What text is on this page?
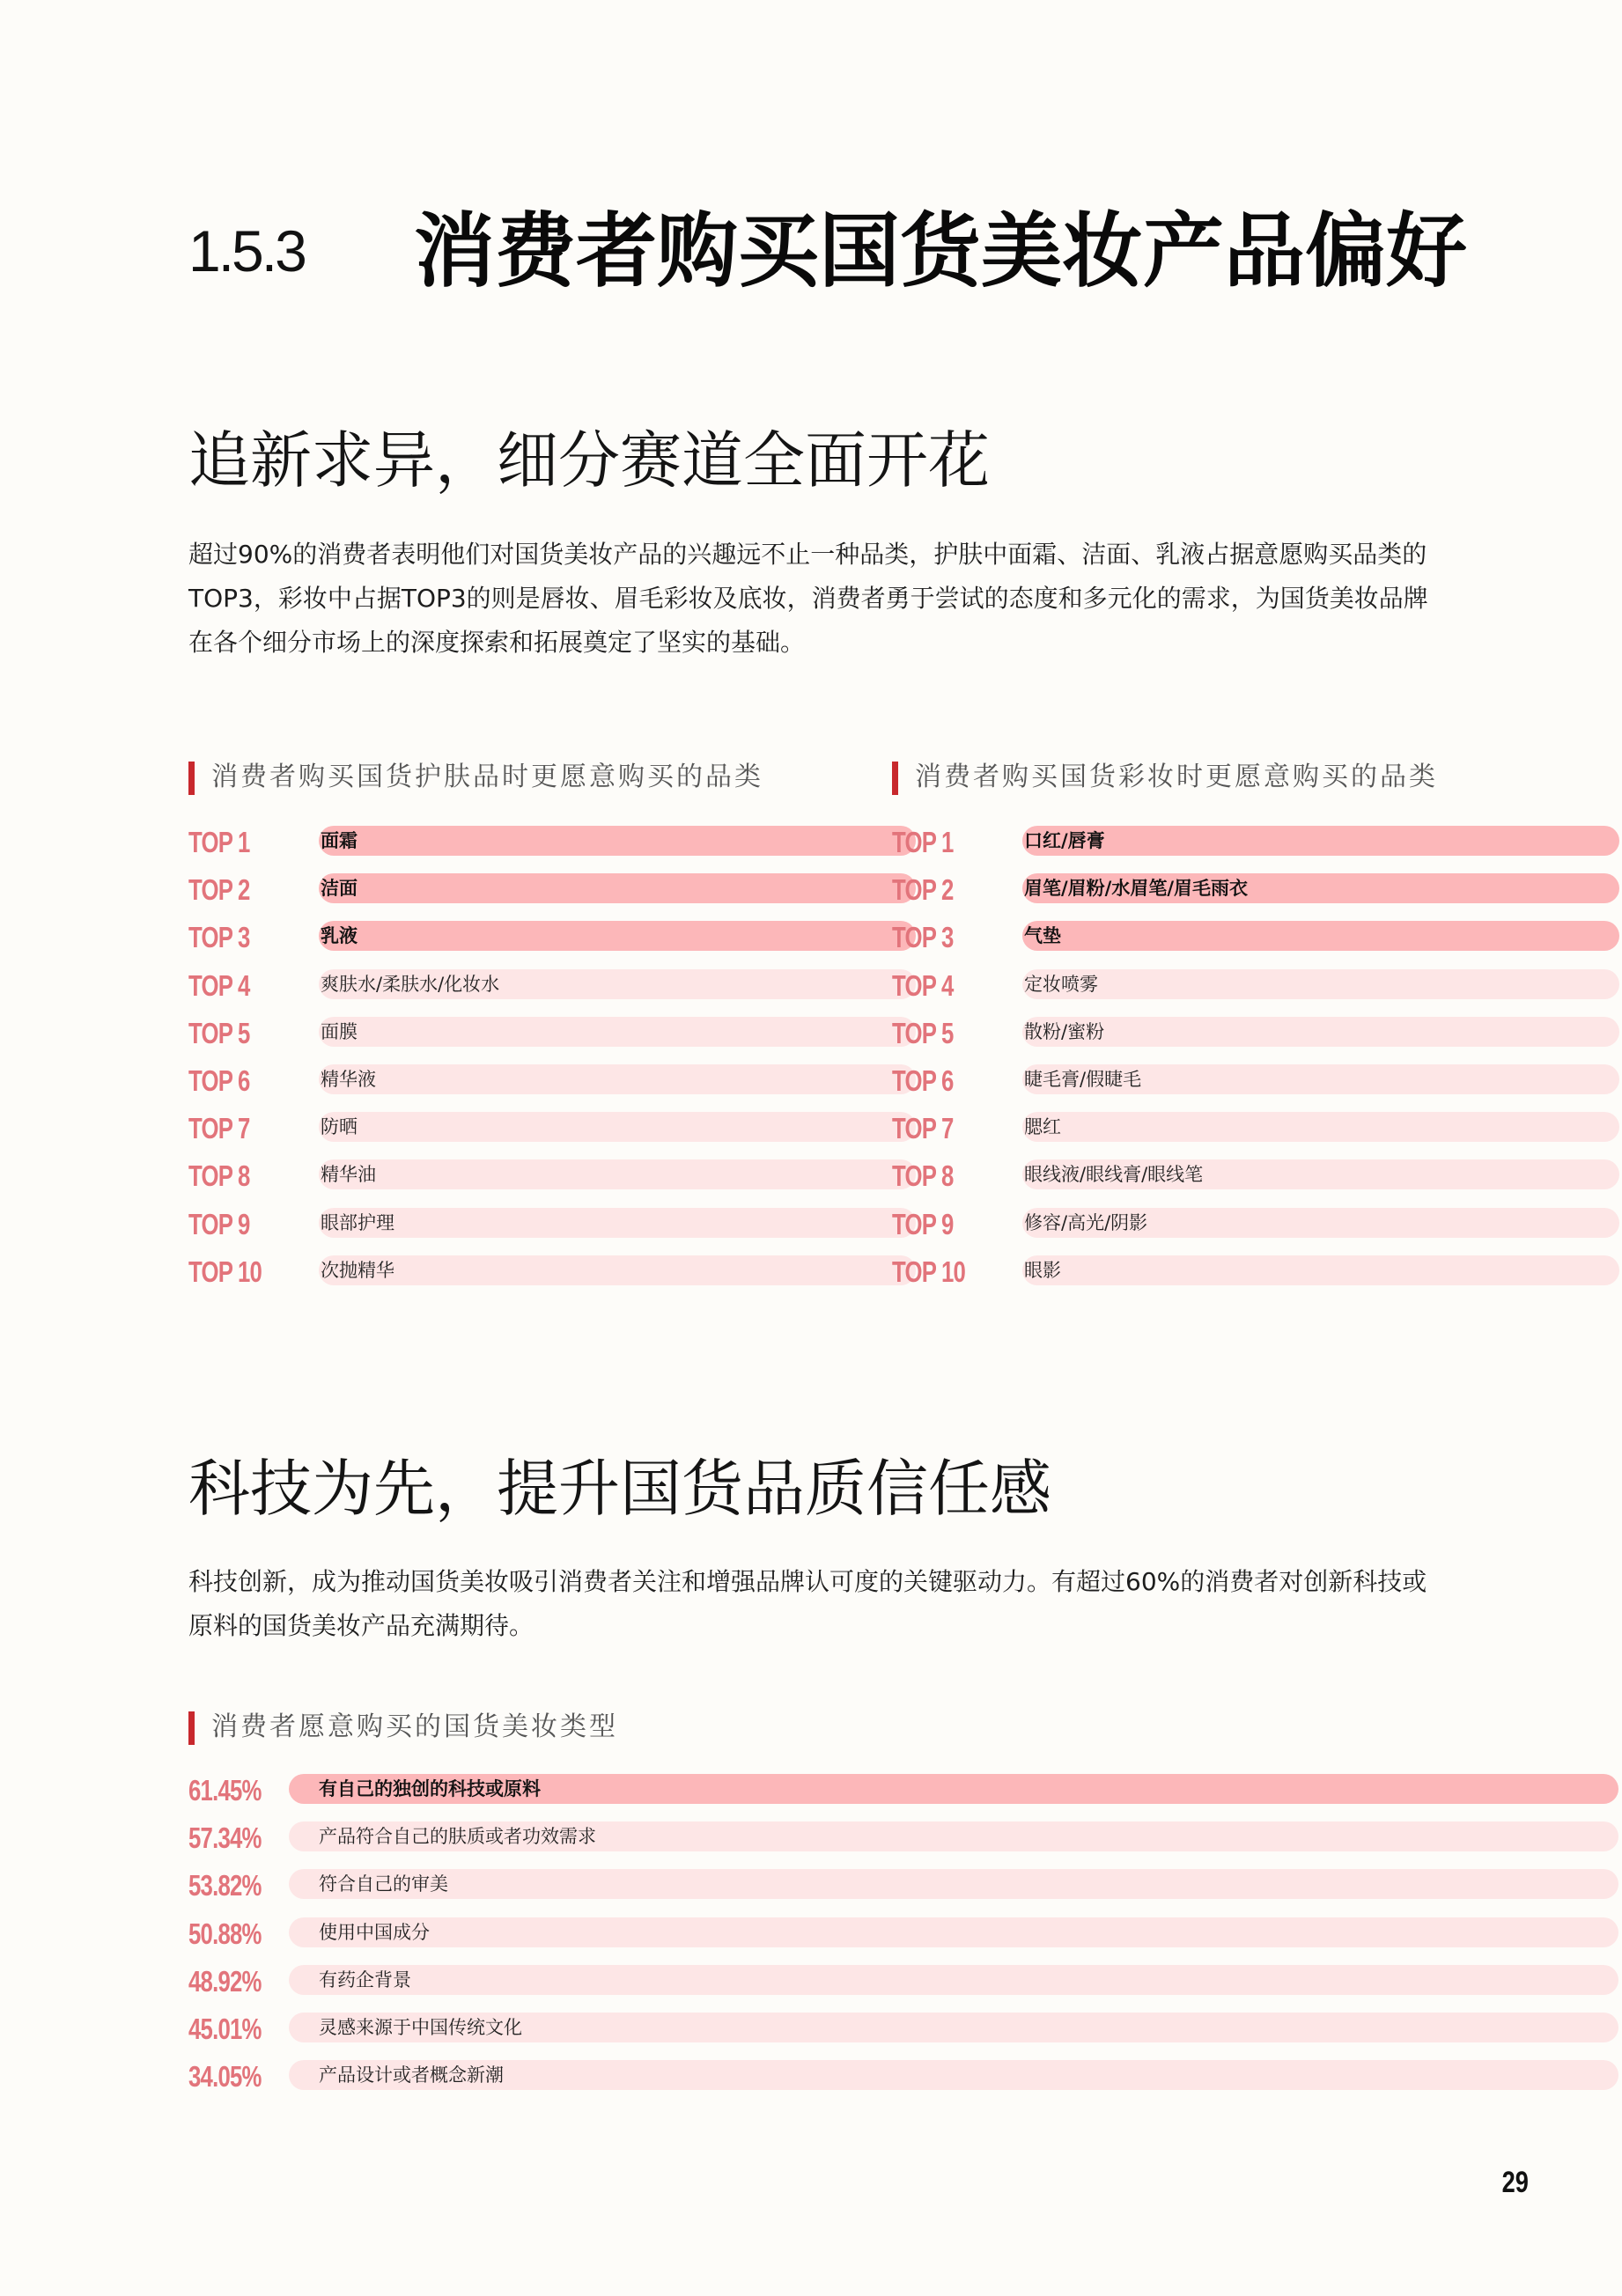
1.5.3 消费者购买国货美妆产品偏好
追新求异，细分赛道全面开花
超过90%的消费者表明他们对国货美妆产品的兴趣远不止一种品类，护肤中面霜、洁面、乳液占据意愿购买品类的TOP3，彩妆中占据TOP3的则是唇妆、眉毛彩妆及底妆，消费者勇于尝试的态度和多元化的需求，为国货美妆品牌在各个细分市场上的深度探索和拓展奠定了坚实的基础。
消费者购买国货护肤品时更愿意购买的品类	消费者购买国货彩妆时更愿意购买的品类
TOP 1	面霜
TOP 2	洁面
TOP 3	乳液
TOP 4	爽肤水/柔肤水/化妆水
TOP 5	面膜
TOP 6	精华液
TOP 7	防晒
TOP 8	精华油
TOP 9	眼部护理
TOP 10	次抛精华
TOP 1	口红/唇膏
TOP 2	眉笔/眉粉/水眉笔/眉毛雨衣
TOP 3	气垫
TOP 4	定妆喷雾
TOP 5	散粉/蜜粉
TOP 6	睫毛膏/假睫毛
TOP 7	腮红
TOP 8	眼线液/眼线膏/眼线笔
TOP 9	修容/高光/阴影
TOP 10	眼影
科技为先，提升国货品质信任感
科技创新，成为推动国货美妆吸引消费者关注和增强品牌认可度的关键驱动力。有超过60%的消费者对创新科技或原料的国货美妆产品充满期待。
消费者愿意购买的国货美妆类型
61.45%	有自己的独创的科技或原料
57.34%	产品符合自己的肤质或者功效需求
53.82%	符合自己的审美
50.88%	使用中国成分
48.92%	有药企背景
45.01%	灵感来源于中国传统文化
34.05%	产品设计或者概念新潮
29
